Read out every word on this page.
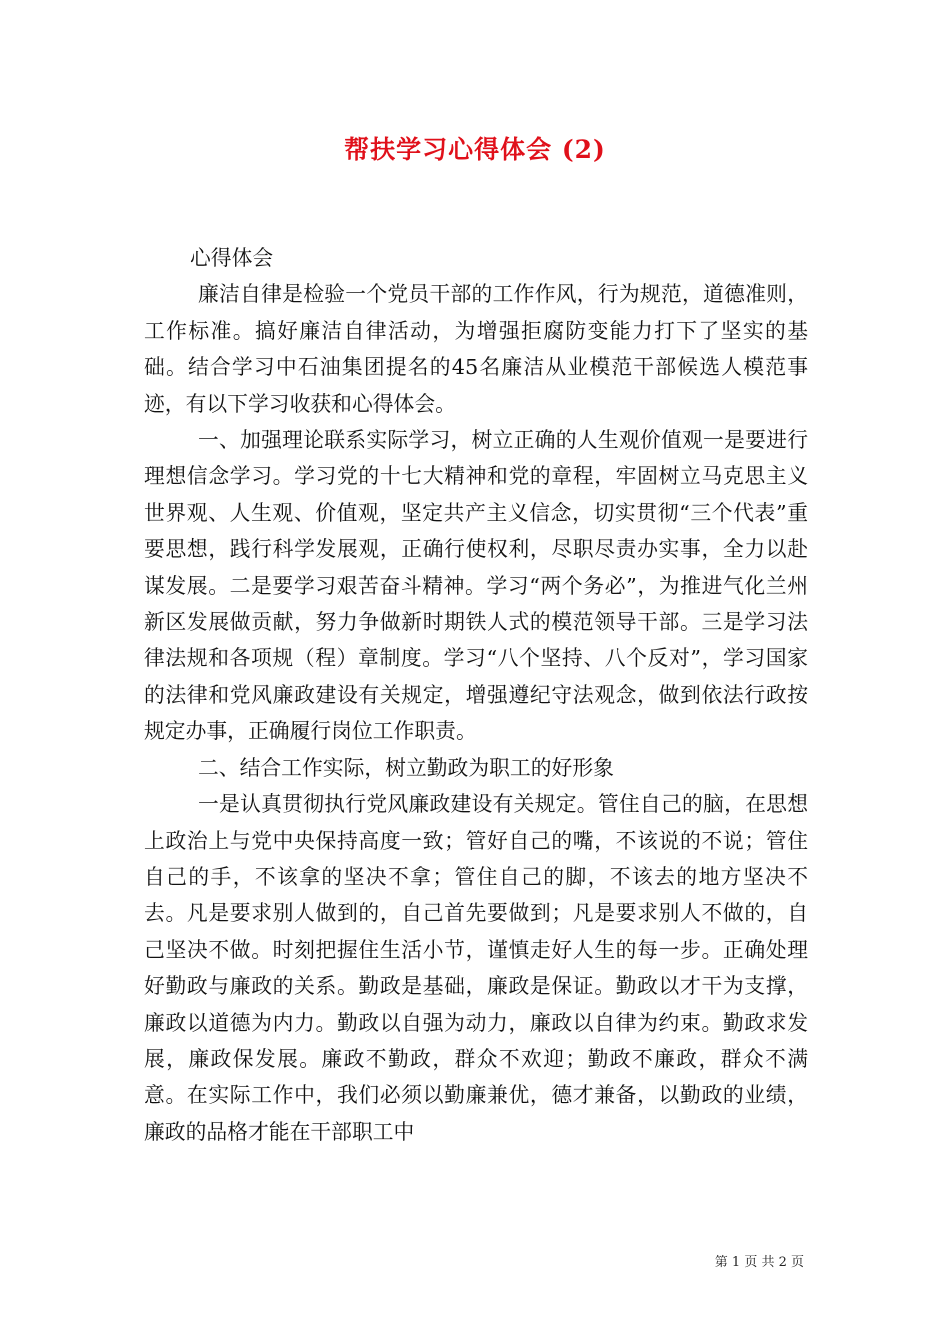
帮扶学习心得体会 (2)

心得体会

廉洁自律是检验一个党员干部的工作作风，行为规范，道德准则，工作标准。搞好廉洁自律活动，为增强拒腐防变能力打下了坚实的基础。结合学习中石油集团提名的45名廉洁从业模范干部候选人模范事迹，有以下学习收获和心得体会。

一、加强理论联系实际学习，树立正确的人生观价值观一是要进行理想信念学习。学习党的十七大精神和党的章程，牢固树立马克思主义世界观、人生观、价值观，坚定共产主义信念，切实贯彻“三个代表”重要思想，践行科学发展观，正确行使权利，尽职尽责办实事，全力以赴谋发展。二是要学习艰苦奋斗精神。学习“两个务必”，为推进气化兰州新区发展做贡献，努力争做新时期铁人式的模范领导干部。三是学习法律法规和各项规（程）章制度。学习“八个坚持、八个反对”，学习国家的法律和党风廉政建设有关规定，增强遵纪守法观念，做到依法行政按规定办事，正确履行岗位工作职责。

二、结合工作实际，树立勤政为职工的好形象

一是认真贯彻执行党风廉政建设有关规定。管住自己的脑，在思想上政治上与党中央保持高度一致；管好自己的嘴，不该说的不说；管住自己的手，不该拿的坚决不拿；管住自己的脚，不该去的地方坚决不去。凡是要求别人做到的，自己首先要做到；凡是要求别人不做的，自己坚决不做。时刻把握住生活小节，谨慎走好人生的每一步。正确处理好勤政与廉政的关系。勤政是基础，廉政是保证。勤政以才干为支撑，廉政以道德为内力。勤政以自强为动力，廉政以自律为约束。勤政求发展，廉政保发展。廉政不勤政，群众不欢迎；勤政不廉政，群众不满意。在实际工作中，我们必须以勤廉兼优，德才兼备，以勤政的业绩，廉政的品格才能在干部职工中

第 1 页 共 2 页
